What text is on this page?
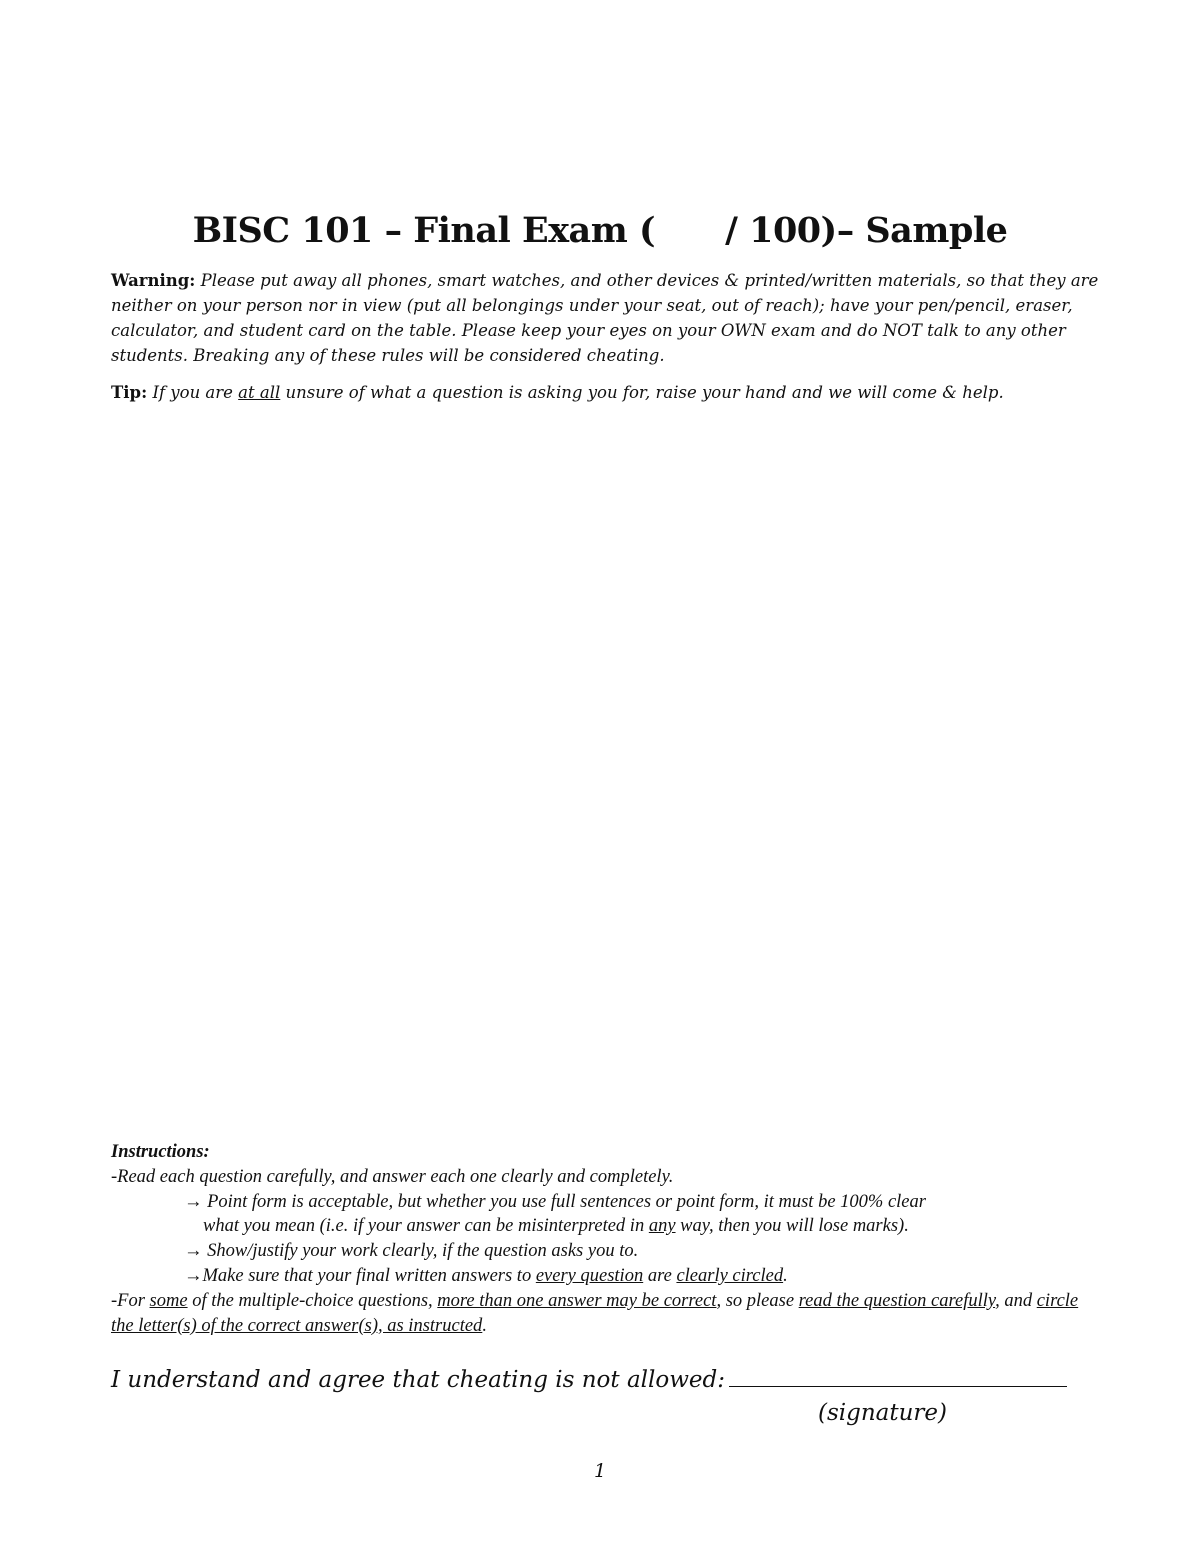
BISC 101 – Final Exam (      / 100)– Sample
Warning: Please put away all phones, smart watches, and other devices & printed/written materials, so that they are neither on your person nor in view (put all belongings under your seat, out of reach); have your pen/pencil, eraser, calculator, and student card on the table. Please keep your eyes on your OWN exam and do NOT talk to any other students. Breaking any of these rules will be considered cheating.
Tip: If you are at all unsure of what a question is asking you for, raise your hand and we will come & help.
Instructions:
-Read each question carefully, and answer each one clearly and completely.
→ Point form is acceptable, but whether you use full sentences or point form, it must be 100% clear
what you mean (i.e. if your answer can be misinterpreted in any way, then you will lose marks).
→ Show/justify your work clearly, if the question asks you to.
→Make sure that your final written answers to every question are clearly circled.
-For some of the multiple-choice questions, more than one answer may be correct, so please read the question carefully, and circle the letter(s) of the correct answer(s), as instructed.
I understand and agree that cheating is not allowed:
(signature)
1
